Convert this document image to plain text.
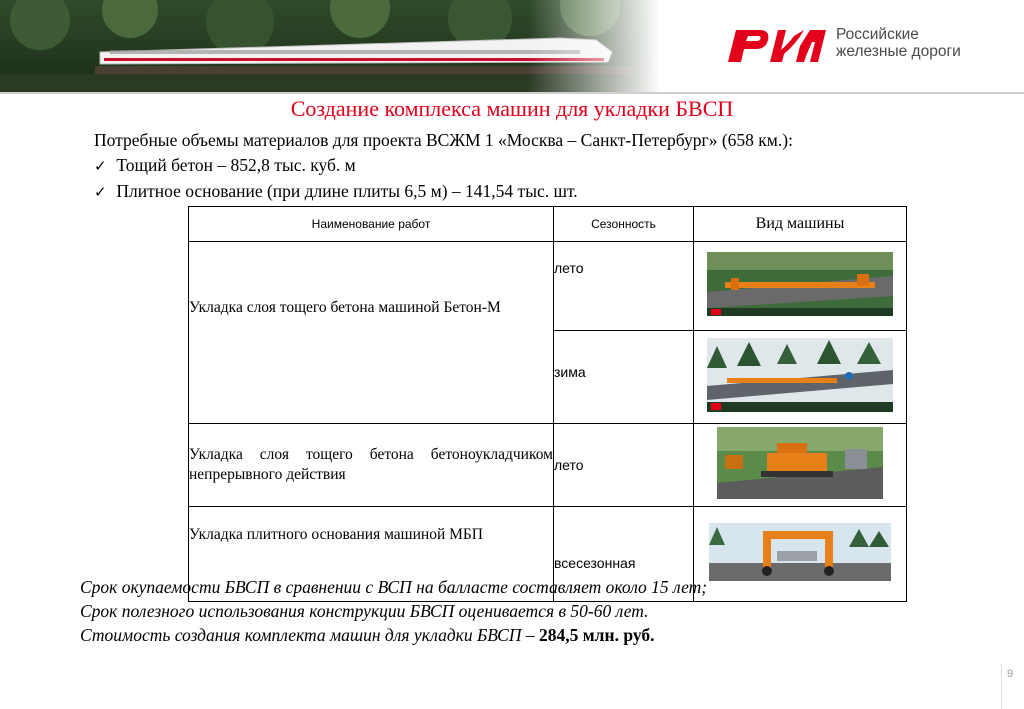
Российские
железные дороги
Создание комплекса машин для укладки БВСП
Потребные объемы материалов для проекта ВСЖМ 1 «Москва – Санкт-Петербург» (658 км.):
✓ Тощий бетон – 852,8 тыс. куб. м
✓ Плитное основание (при длине плиты 6,5 м) – 141,54 тыс. шт.
Наименование работ	Сезонность	Вид машины
Укладка слоя тощего бетона машиной Бетон-М	лето	
	зима	
Укладка слоя тощего бетона бетоноукладчиком непрерывного действия	лето	
Укладка плитного основания машиной МБП	всесезонная	
Срок окупаемости БВСП в сравнении с ВСП на балласте составляет около 15 лет;
Срок полезного использования конструкции БВСП оценивается в 50-60 лет.
Стоимость создания комплекта машин для укладки БВСП – 284,5 млн. руб.
9
